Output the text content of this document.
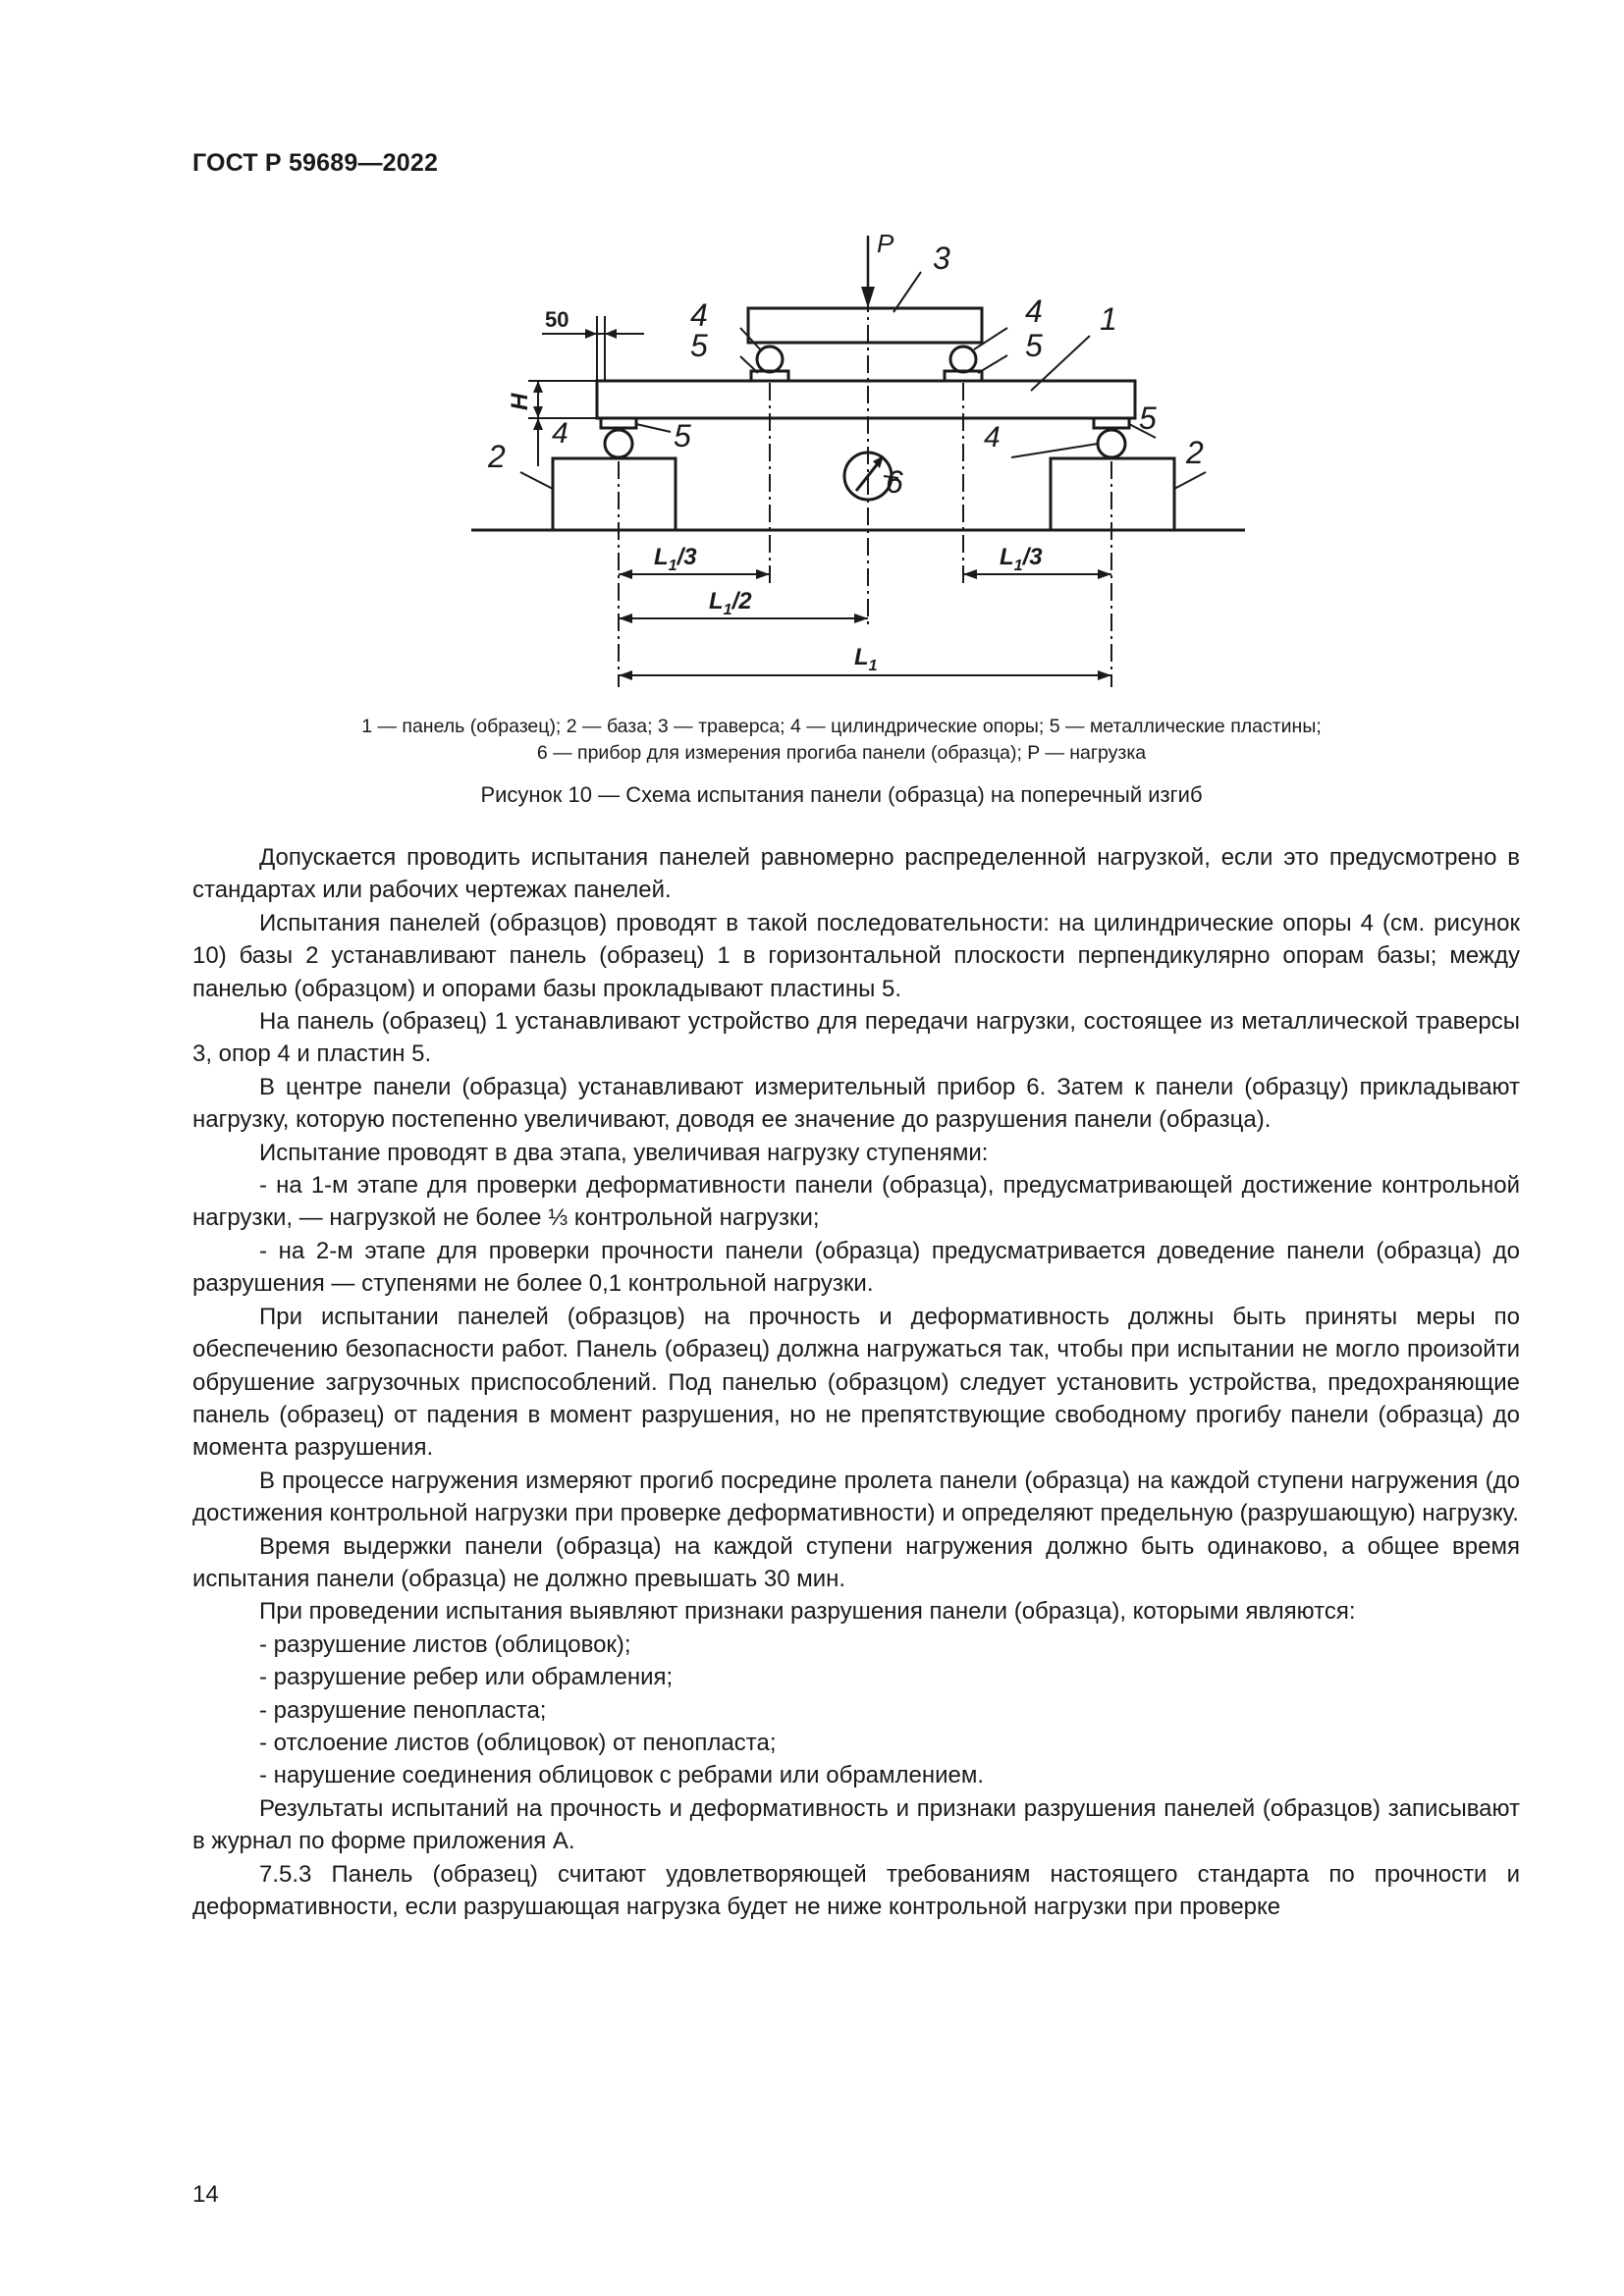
ГОСТ Р 59689—2022
P 3
4
5
4
5
1
50
H
4	5	4
5
2	2
6
$L_1/3$	$L_1/3$
$L_1/2$
$L_1$
1 — панель (образец); 2 — база; 3 — траверса; 4 — цилиндрические опоры; 5 — металлические пластины;
6 — прибор для измерения прогиба панели (образца); P — нагрузка
Рисунок 10 — Схема испытания панели (образца) на поперечный изгиб

Допускается проводить испытания панелей равномерно распределенной нагрузкой, если это предусмотрено в стандартах или рабочих чертежах панелей.

Испытания панелей (образцов) проводят в такой последовательности: на цилиндрические опоры 4 (см. рисунок 10) базы 2 устанавливают панель (образец) 1 в горизонтальной плоскости перпендикулярно опорам базы; между панелью (образцом) и опорами базы прокладывают пластины 5.

На панель (образец) 1 устанавливают устройство для передачи нагрузки, состоящее из металлической траверсы 3, опор 4 и пластин 5.

В центре панели (образца) устанавливают измерительный прибор 6. Затем к панели (образцу) прикладывают нагрузку, которую постепенно увеличивают, доводя ее значение до разрушения панели (образца).

Испытание проводят в два этапа, увеличивая нагрузку ступенями:

- на 1-м этапе для проверки деформативности панели (образца), предусматривающей достижение контрольной нагрузки, — нагрузкой не более ⅓ контрольной нагрузки;

- на 2-м этапе для проверки прочности панели (образца) предусматривается доведение панели (образца) до разрушения — ступенями не более 0,1 контрольной нагрузки.

При испытании панелей (образцов) на прочность и деформативность должны быть приняты меры по обеспечению безопасности работ. Панель (образец) должна нагружаться так, чтобы при испытании не могло произойти обрушение загрузочных приспособлений. Под панелью (образцом) следует установить устройства, предохраняющие панель (образец) от падения в момент разрушения, но не препятствующие свободному прогибу панели (образца) до момента разрушения.

В процессе нагружения измеряют прогиб посредине пролета панели (образца) на каждой ступени нагружения (до достижения контрольной нагрузки при проверке деформативности) и определяют предельную (разрушающую) нагрузку.

Время выдержки панели (образца) на каждой ступени нагружения должно быть одинаково, а общее время испытания панели (образца) не должно превышать 30 мин.

При проведении испытания выявляют признаки разрушения панели (образца), которыми являются:

- разрушение листов (облицовок);

- разрушение ребер или обрамления;

- разрушение пенопласта;

- отслоение листов (облицовок) от пенопласта;

- нарушение соединения облицовок с ребрами или обрамлением.

Результаты испытаний на прочность и деформативность и признаки разрушения панелей (образцов) записывают в журнал по форме приложения А.

7.5.3 Панель (образец) считают удовлетворяющей требованиям настоящего стандарта по прочности и деформативности, если разрушающая нагрузка будет не ниже контрольной нагрузки при проверке

14
